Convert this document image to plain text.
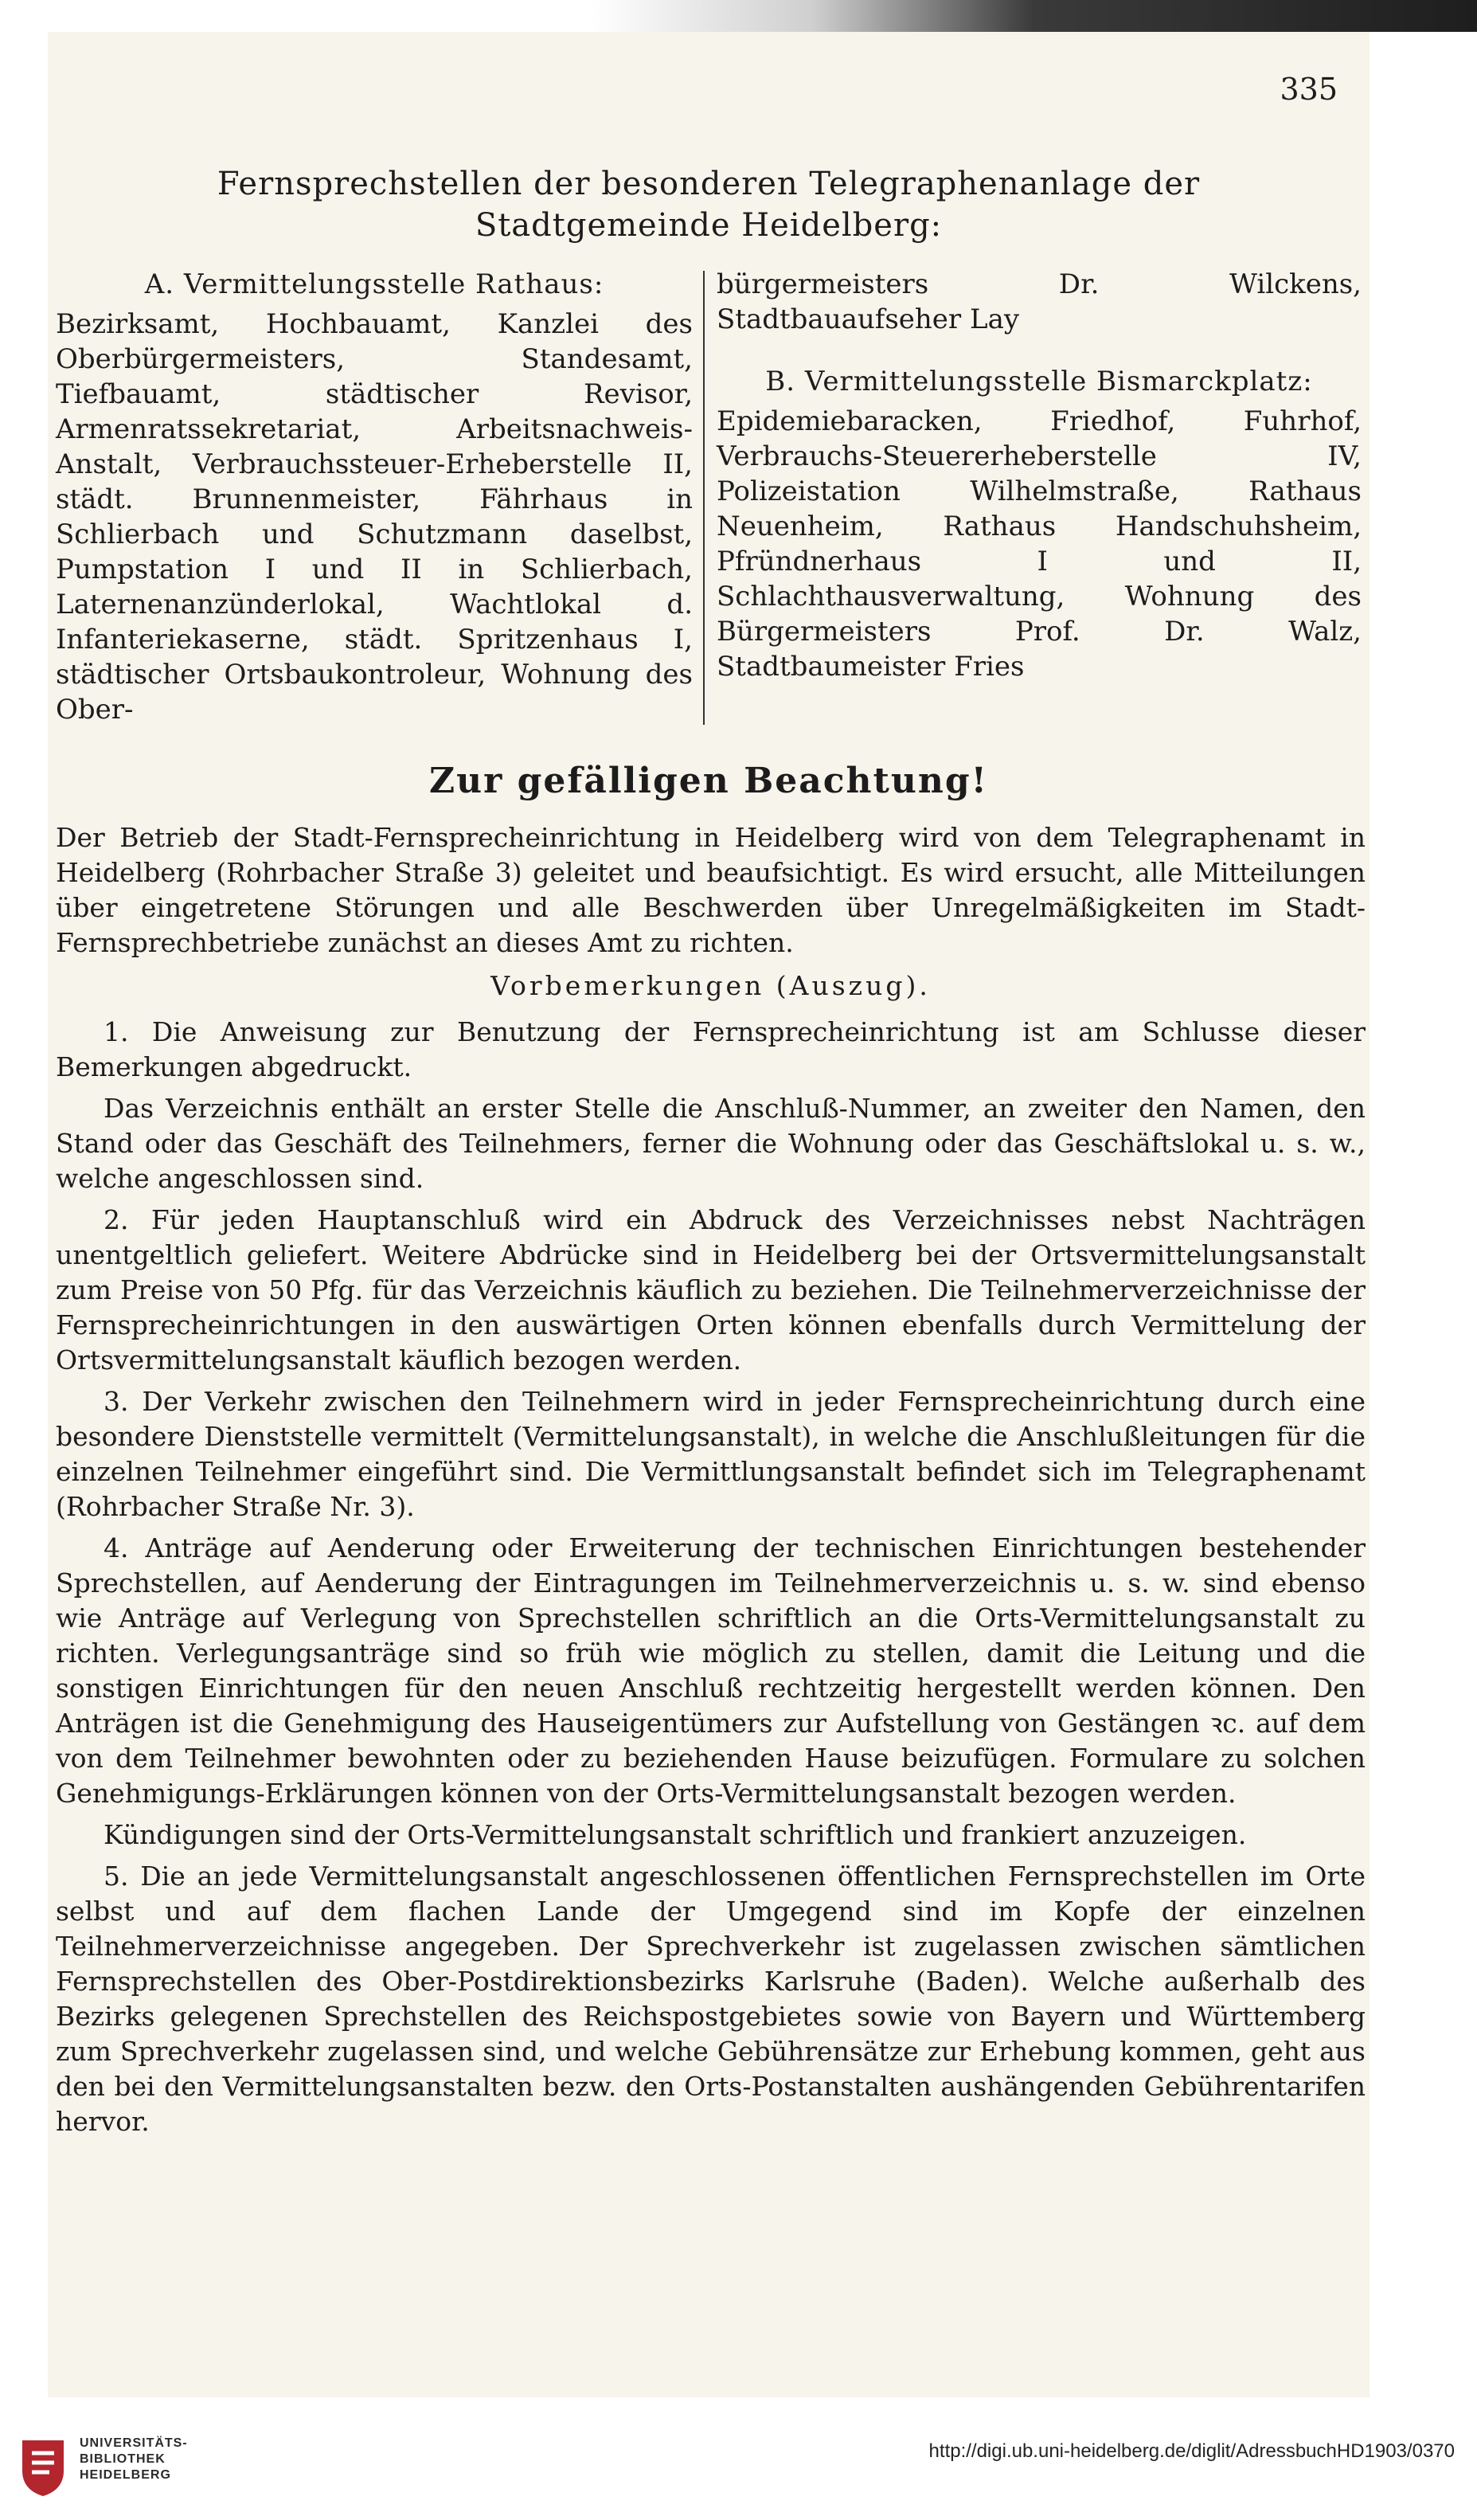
335
Fernsprechstellen der besonderen Telegraphenanlage der Stadtgemeinde Heidelberg:
A. Vermittelungsstelle Rathaus:

Bezirksamt, Hochbauamt, Kanzlei des Oberbürgermeisters, Standesamt, Tiefbauamt, städtischer Revisor, Armenratssekretariat, Arbeitsnachweis-Anstalt, Verbrauchssteuer-Erheberstelle II, städt. Brunnenmeister, Fährhaus in Schlierbach und Schutzmann daselbst, Pumpstation I und II in Schlierbach, Laternenanzünderlokal, Wachtlokal d. Infanteriekaserne, städt. Spritzenhaus I, städtischer Ortsbaukontroleur, Wohnung des Ober-

bürgermeisters Dr. Wilckens, Stadtbauaufseher Lay

B. Vermittelungsstelle Bismarckplatz:

Epidemiebaracken, Friedhof, Fuhrhof, Verbrauchs-Steuererheberstelle IV, Polizeistation Wilhelmstraße, Rathaus Neuenheim, Rathaus Handschuhsheim, Pfründnerhaus I und II, Schlachthausverwaltung, Wohnung des Bürgermeisters Prof. Dr. Walz, Stadtbaumeister Fries

Zur gefälligen Beachtung!

Der Betrieb der Stadt-Fernsprecheinrichtung in Heidelberg wird von dem Telegraphenamt in Heidelberg (Rohrbacher Straße 3) geleitet und beaufsichtigt. Es wird ersucht, alle Mitteilungen über eingetretene Störungen und alle Beschwerden über Unregelmäßigkeiten im Stadt-Fernsprechbetriebe zunächst an dieses Amt zu richten.

Vorbemerkungen (Auszug).

1. Die Anweisung zur Benutzung der Fernsprecheinrichtung ist am Schlusse dieser Bemerkungen abgedruckt.

Das Verzeichnis enthält an erster Stelle die Anschluß-Nummer, an zweiter den Namen, den Stand oder das Geschäft des Teilnehmers, ferner die Wohnung oder das Geschäftslokal u. s. w., welche angeschlossen sind.

2. Für jeden Hauptanschluß wird ein Abdruck des Verzeichnisses nebst Nachträgen unentgeltlich geliefert. Weitere Abdrücke sind in Heidelberg bei der Ortsvermittelungsanstalt zum Preise von 50 Pfg. für das Verzeichnis käuflich zu beziehen. Die Teilnehmerverzeichnisse der Fernsprecheinrichtungen in den auswärtigen Orten können ebenfalls durch Vermittelung der Ortsvermittelungsanstalt käuflich bezogen werden.

3. Der Verkehr zwischen den Teilnehmern wird in jeder Fernsprecheinrichtung durch eine besondere Dienststelle vermittelt (Vermittelungsanstalt), in welche die Anschlußleitungen für die einzelnen Teilnehmer eingeführt sind. Die Vermittlungsanstalt befindet sich im Telegraphenamt (Rohrbacher Straße Nr. 3).

4. Anträge auf Aenderung oder Erweiterung der technischen Einrichtungen bestehender Sprechstellen, auf Aenderung der Eintragungen im Teilnehmerverzeichnis u. s. w. sind ebenso wie Anträge auf Verlegung von Sprechstellen schriftlich an die Orts-Vermittelungsanstalt zu richten. Verlegungsanträge sind so früh wie möglich zu stellen, damit die Leitung und die sonstigen Einrichtungen für den neuen Anschluß rechtzeitig hergestellt werden können. Den Anträgen ist die Genehmigung des Hauseigentümers zur Aufstellung von Gestängen ꝛc. auf dem von dem Teilnehmer bewohnten oder zu beziehenden Hause beizufügen. Formulare zu solchen Genehmigungs-Erklärungen können von der Orts-Vermittelungsanstalt bezogen werden.

Kündigungen sind der Orts-Vermittelungsanstalt schriftlich und frankiert anzuzeigen.

5. Die an jede Vermittelungsanstalt angeschlossenen öffentlichen Fernsprechstellen im Orte selbst und auf dem flachen Lande der Umgegend sind im Kopfe der einzelnen Teilnehmerverzeichnisse angegeben. Der Sprechverkehr ist zugelassen zwischen sämtlichen Fernsprechstellen des Ober-Postdirektionsbezirks Karlsruhe (Baden). Welche außerhalb des Bezirks gelegenen Sprechstellen des Reichspostgebietes sowie von Bayern und Württemberg zum Sprechverkehr zugelassen sind, und welche Gebührensätze zur Erhebung kommen, geht aus den bei den Vermittelungsanstalten bezw. den Orts-Postanstalten aushängenden Gebührentarifen hervor.

UNIVERSITÄTS-
BIBLIOTHEK
HEIDELBERG
http://digi.ub.uni-heidelberg.de/diglit/AdressbuchHD1903/0370
